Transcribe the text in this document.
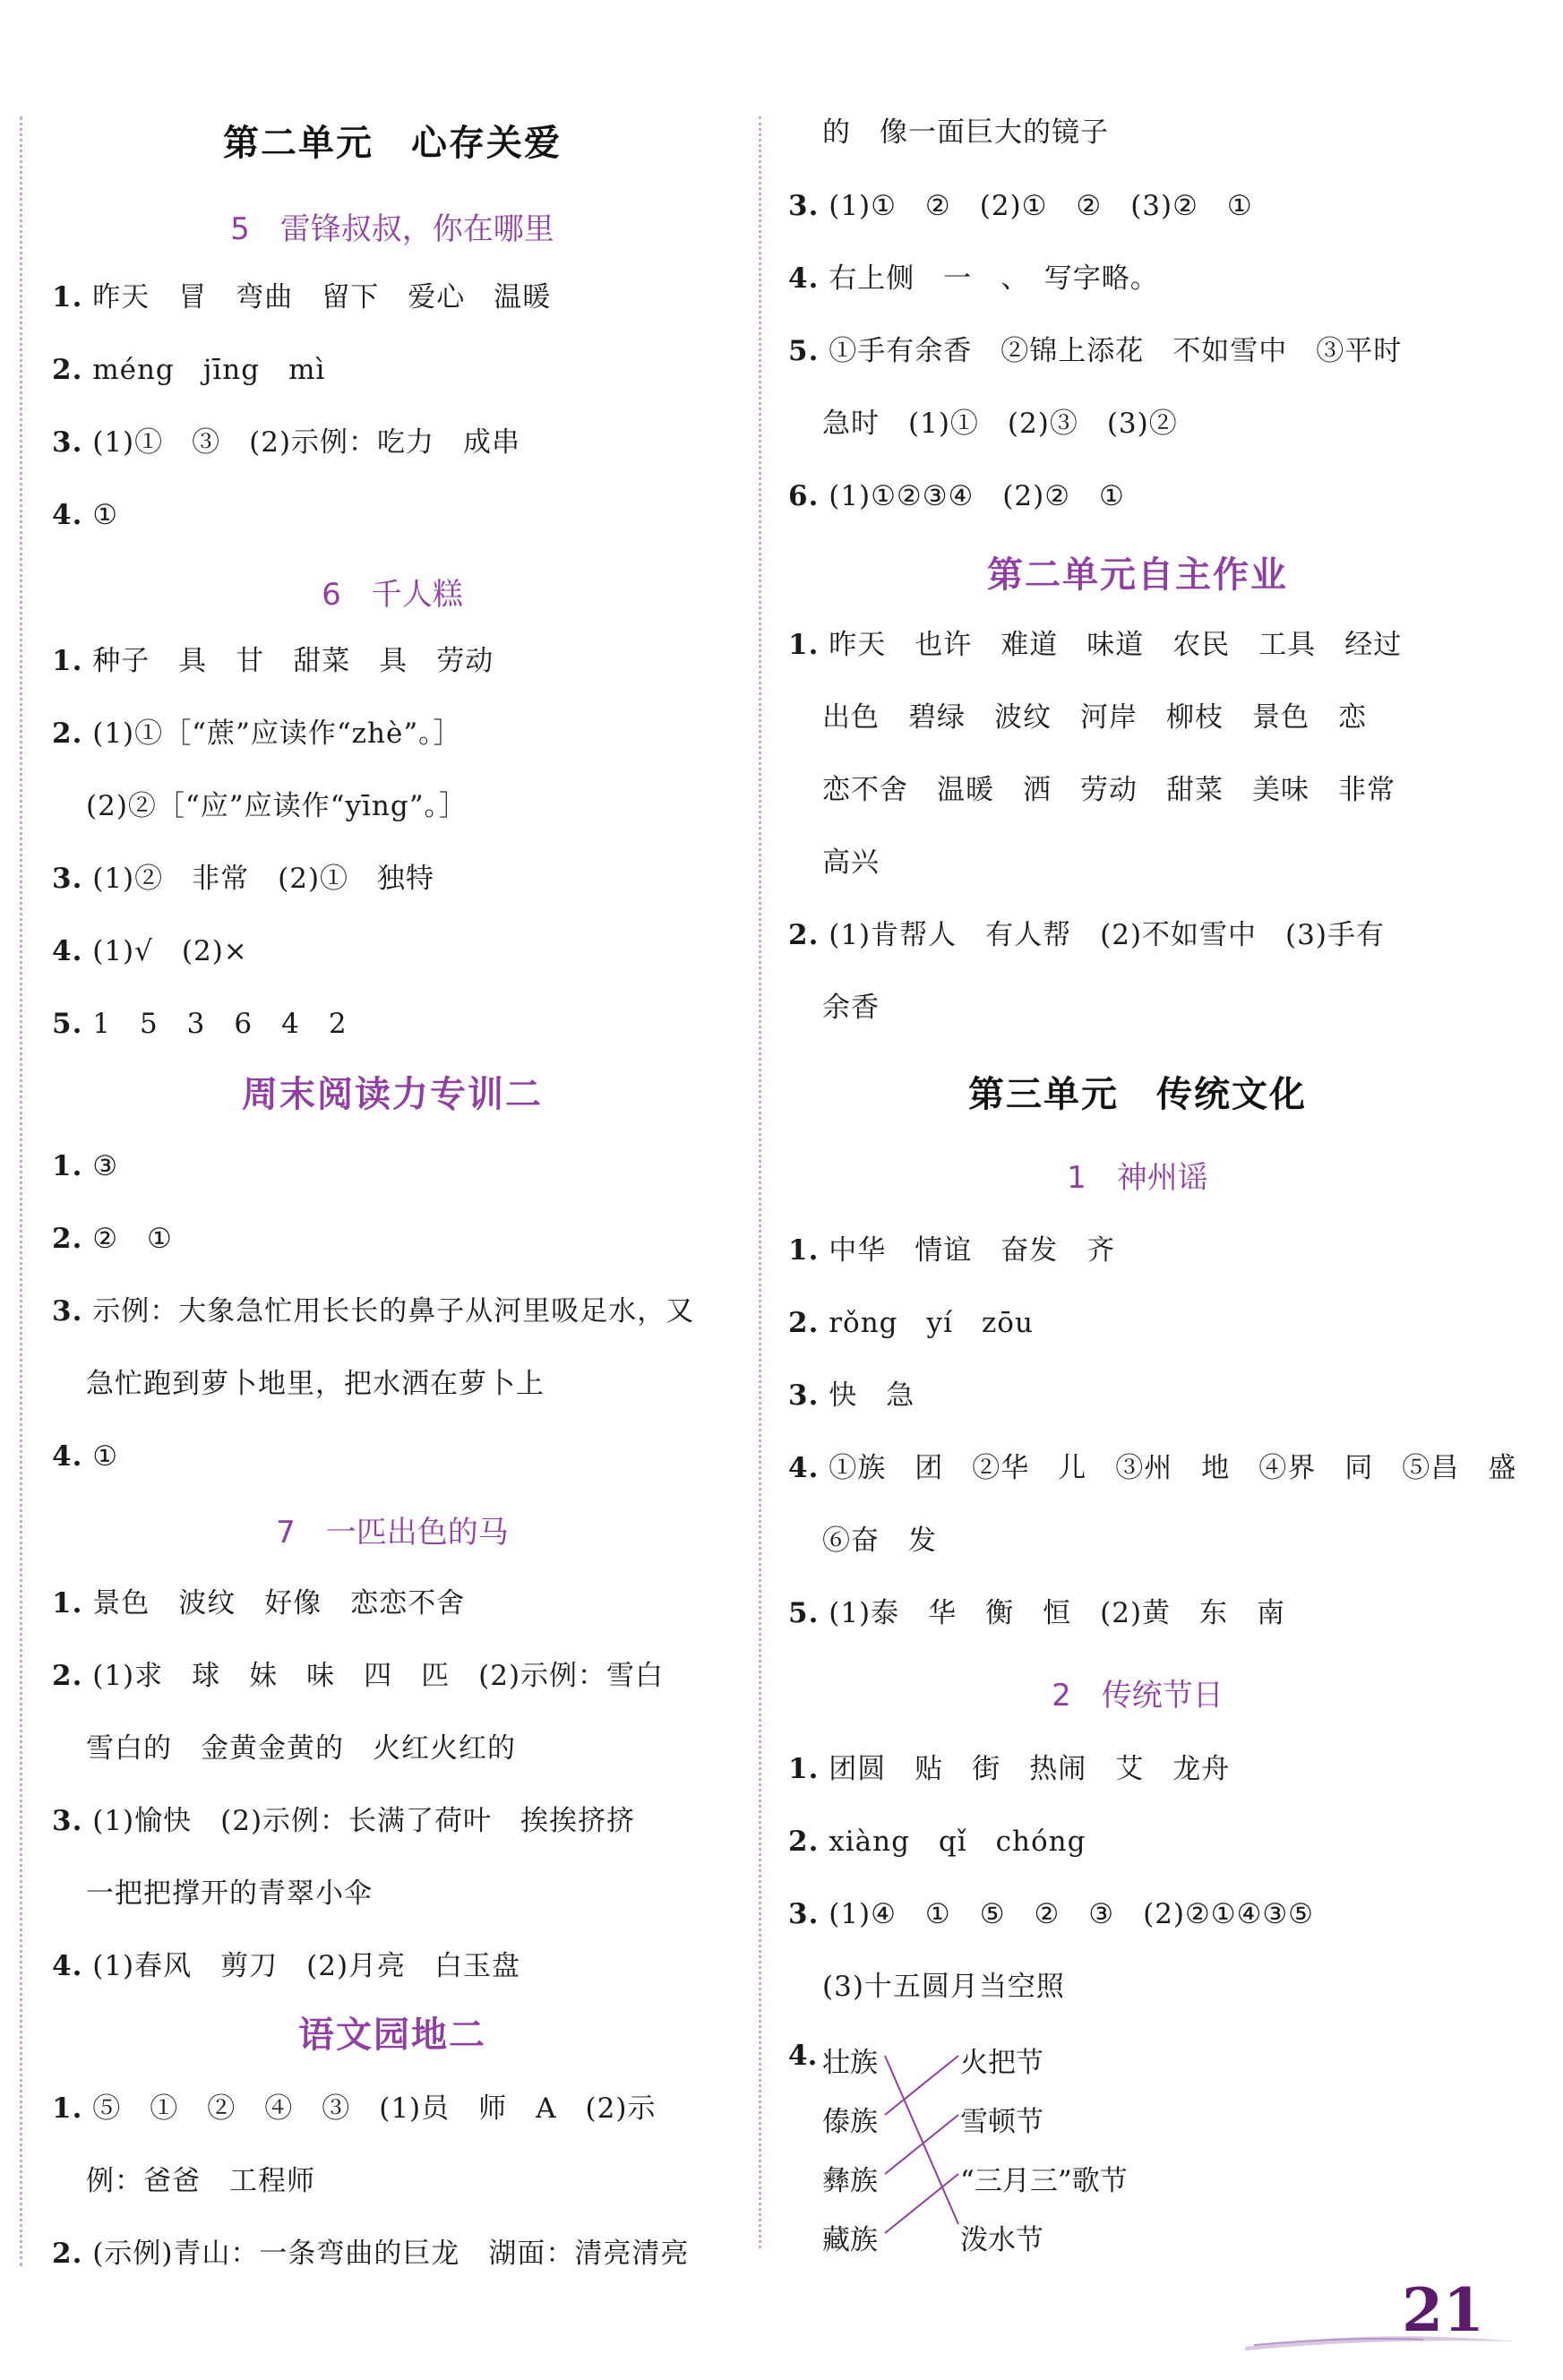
第二单元　心存关爱
5　雷锋叔叔，你在哪里
1. 昨天　冒　弯曲　留下　爱心　温暖
2. méng　jīng　mì
3. (1)①　③　(2)示例：吃力　成串
4. ①
6　千人糕
1. 种子　具　甘　甜菜　具　劳动
2. (1)①［“蔗”应读作“zhè”。］
(2)②［“应”应读作“yīng”。］
3. (1)②　非常　(2)①　独特
4. (1)√　(2)×
5. 1　5　3　6　4　2
周末阅读力专训二
1. ③
2. ②　①
3. 示例：大象急忙用长长的鼻子从河里吸足水，又
急忙跑到萝卜地里，把水洒在萝卜上
4. ①
7　一匹出色的马
1. 景色　波纹　好像　恋恋不舍
2. (1)求　球　妹　味　四　匹　(2)示例：雪白
雪白的　金黄金黄的　火红火红的
3. (1)愉快　(2)示例：长满了荷叶　挨挨挤挤
一把把撑开的青翠小伞
4. (1)春风　剪刀　(2)月亮　白玉盘
语文园地二
1. ⑤　①　②　④　③　(1)员　师　A　(2)示
例：爸爸　工程师
2. (示例)青山：一条弯曲的巨龙　湖面：清亮清亮
的　像一面巨大的镜子
3. (1)①　②　(2)①　②　(3)②　①
4. 右上侧　一　、　写字略。
5. ①手有余香　②锦上添花　不如雪中　③平时
急时　(1)①　(2)③　(3)②
6. (1)①②③④　(2)②　①
第二单元自主作业
1. 昨天　也许　难道　味道　农民　工具　经过
出色　碧绿　波纹　河岸　柳枝　景色　恋
恋不舍　温暖　洒　劳动　甜菜　美味　非常
高兴
2. (1)肯帮人　有人帮　(2)不如雪中　(3)手有
余香
第三单元　传统文化
1　神州谣
1. 中华　情谊　奋发　齐
2. rǒng　yí　zōu
3. 快　急
4. ①族　团　②华　儿　③州　地　④界　同　⑤昌　盛
⑥奋　发
5. (1)泰　华　衡　恒　(2)黄　东　南
2　传统节日
1. 团圆　贴　街　热闹　艾　龙舟
2. xiàng　qǐ　chóng
3. (1)④　①　⑤　②　③　(2)②①④③⑤
(3)十五圆月当空照
4. 壮族
傣族
彝族
藏族
火把节
雪顿节
“三月三”歌节
泼水节
21
